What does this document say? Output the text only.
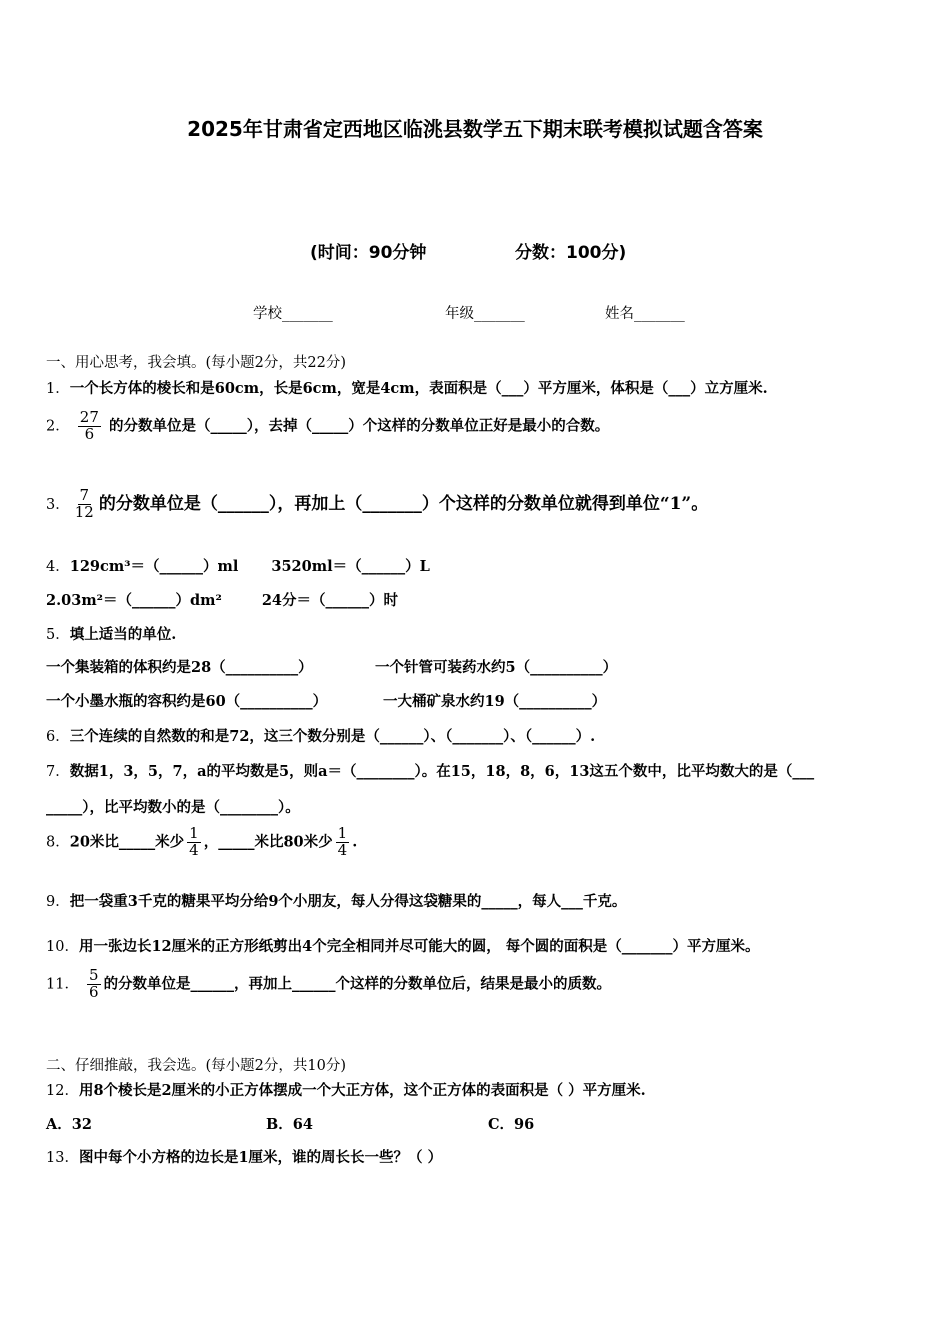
2025年甘肃省定西地区临洮县数学五下期末联考模拟试题含答案
(时间：90分钟	分数：100分)
学校_______	年级_______	姓名_______
一、用心思考，我会填。(每小题2分，共22分)
1．一个长方体的棱长和是60cm，长是6cm，宽是4cm，表面积是（___）平方厘米，体积是（___）立方厘米.
2． $\frac{27}{6}$ 的分数单位是（_____），去掉（_____）个这样的分数单位正好是最小的合数。
3． $\frac{7}{12}$ 的分数单位是（______），再加上（_______）个这样的分数单位就得到单位“1”。
4．129cm³＝（______）ml 3520ml＝（______）L
2.03m²＝（______）dm²	24分＝（______）时
5．填上适当的单位.
一个集装箱的体积约是28（__________）	一个针管可装药水约5（__________）
一个小墨水瓶的容积约是60（__________）	一大桶矿泉水约19（__________）
6．三个连续的自然数的和是72，这三个数分别是（______）、（_______）、（______）.
7．数据1，3，5，7，a的平均数是5，则a＝（________）。在15，18，8，6，13这五个数中，比平均数大的是（___
_____），比平均数小的是（________）。
8．20米比_____米少 $\frac{1}{4}$ ，_____米比80米少 $\frac{1}{4}$ .
9．把一袋重3千克的糖果平均分给9个小朋友，每人分得这袋糖果的_____，每人___千克。
10．用一张边长12厘米的正方形纸剪出4个完全相同并尽可能大的圆， 每个圆的面积是（_______）平方厘米。
11． $\frac{5}{6}$ 的分数单位是______，再加上______个这样的分数单位后，结果是最小的质数。
二、仔细推敲，我会选。(每小题2分，共10分)
12．用8个棱长是2厘米的小正方体摆成一个大正方体，这个正方体的表面积是（ ）平方厘米.
A．32	B．64	C．96
13．图中每个小方格的边长是1厘米，谁的周长长一些？（ ）
